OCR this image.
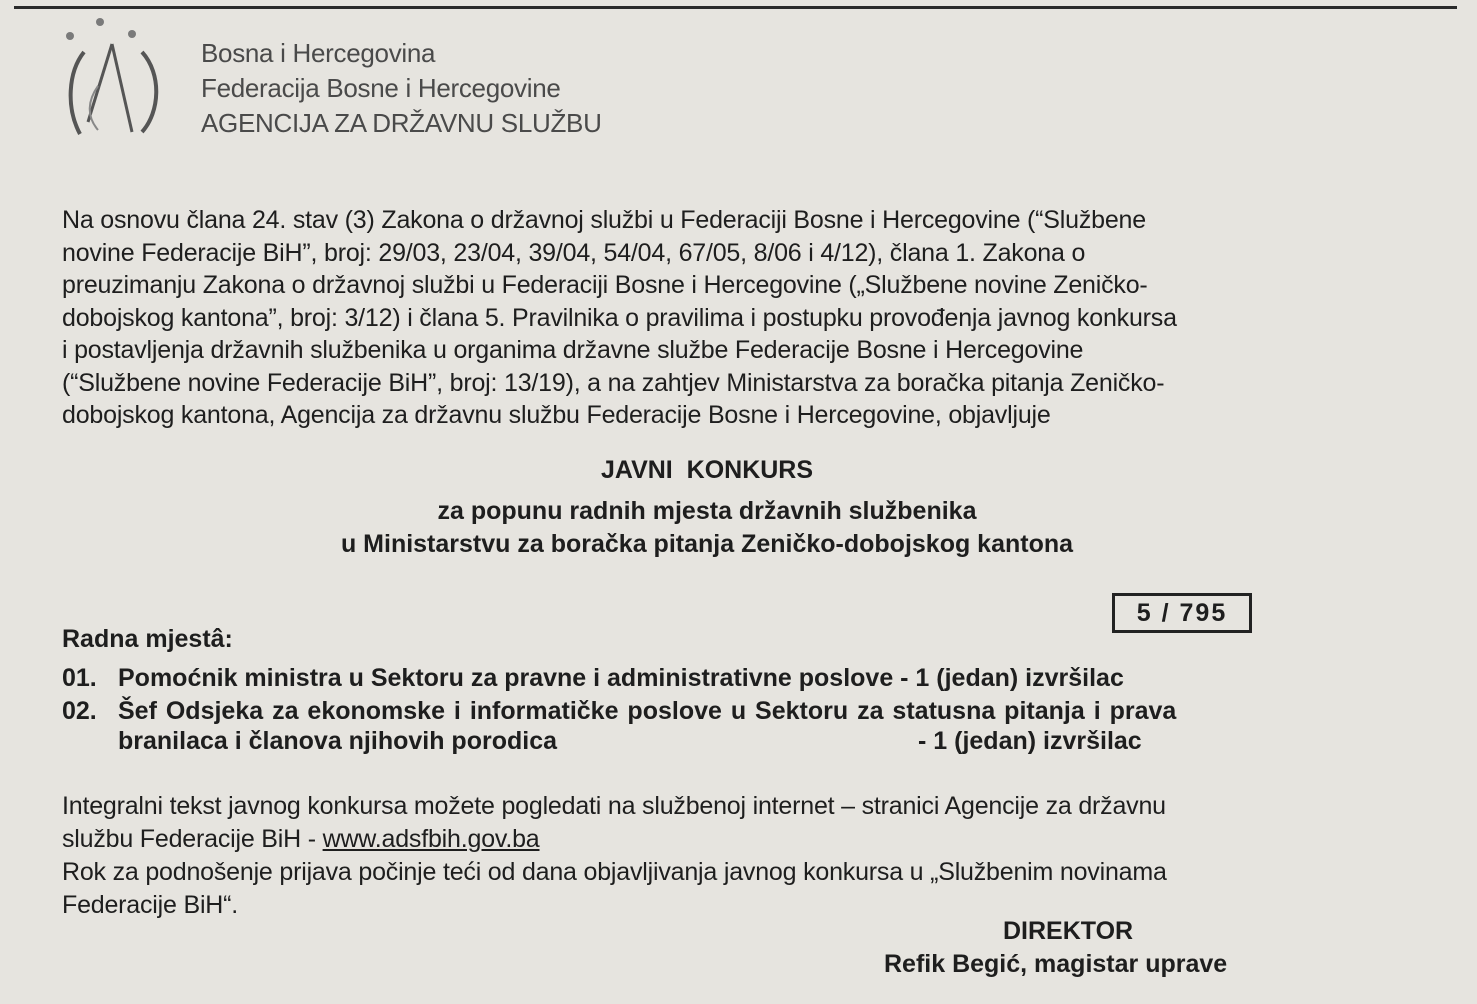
Bosna i Hercegovina
Federacija Bosne i Hercegovine
AGENCIJA ZA DRŽAVNU SLUŽBU
Na osnovu člana 24. stav (3) Zakona o državnoj službi u Federaciji Bosne i Hercegovine (“Službene
novine Federacije BiH”, broj: 29/03, 23/04, 39/04, 54/04, 67/05, 8/06 i 4/12), člana 1. Zakona o
preuzimanju Zakona o državnoj službi u Federaciji Bosne i Hercegovine („Službene novine Zeničko-
dobojskog kantona”, broj: 3/12) i člana 5. Pravilnika o pravilima i postupku provođenja javnog konkursa
i postavljenja državnih službenika u organima državne službe Federacije Bosne i Hercegovine
(“Službene novine Federacije BiH”, broj: 13/19), a na zahtjev Ministarstva za boračka pitanja Zeničko-
dobojskog kantona, Agencija za državnu službu Federacije Bosne i Hercegovine, objavljuje
JAVNI  KONKURS
za popunu radnih mjesta državnih službenika
u Ministarstvu za boračka pitanja Zeničko-dobojskog kantona
5 / 795
Radna mjestâ:
01. Pomoćnik ministra u Sektoru za pravne i administrativne poslove - 1 (jedan) izvršilac
02. Šef Odsjeka za ekonomske i informatičke poslove u Sektoru za statusna pitanja i prava
branilaca i članova njihovih porodica	- 1 (jedan) izvršilac
Integralni tekst javnog konkursa možete pogledati na službenoj internet – stranici Agencije za državnu
službu Federacije BiH - www.adsfbih.gov.ba
Rok za podnošenje prijava počinje teći od dana objavljivanja javnog konkursa u „Službenim novinama
Federacije BiH“.
DIREKTOR
Refik Begić, magistar uprave
